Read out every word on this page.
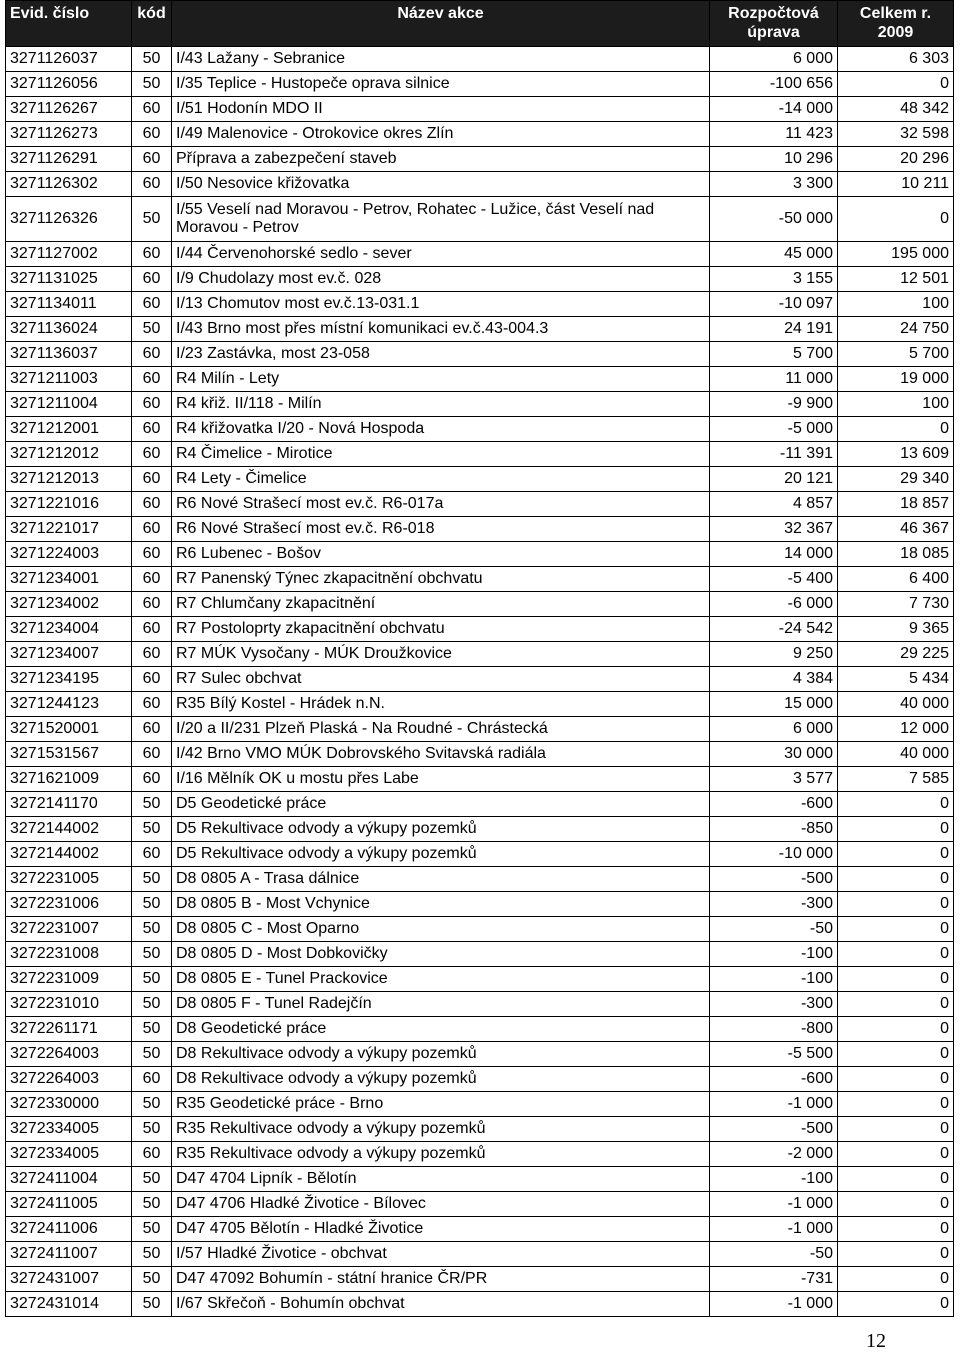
Evid. číslo	kód	Název akce	Rozpočtová úprava	Celkem r. 2009
3271126037	50	I/43 Lažany - Sebranice	6 000	6 303
3271126056	50	I/35 Teplice - Hustopeče oprava silnice	-100 656	0
3271126267	60	I/51 Hodonín MDO II	-14 000	48 342
3271126273	60	I/49 Malenovice - Otrokovice okres Zlín	11 423	32 598
3271126291	60	Příprava a zabezpečení staveb	10 296	20 296
3271126302	60	I/50 Nesovice křižovatka	3 300	10 211
3271126326	50	I/55 Veselí nad Moravou - Petrov, Rohatec - Lužice, část Veselí nad Moravou - Petrov	-50 000	0
3271127002	60	I/44 Červenohorské sedlo - sever	45 000	195 000
3271131025	60	I/9 Chudolazy most ev.č. 028	3 155	12 501
3271134011	60	I/13 Chomutov most ev.č.13-031.1	-10 097	100
3271136024	50	I/43 Brno most přes místní komunikaci ev.č.43-004.3	24 191	24 750
3271136037	60	I/23 Zastávka, most 23-058	5 700	5 700
3271211003	60	R4 Milín - Lety	11 000	19 000
3271211004	60	R4 křiž. II/118 - Milín	-9 900	100
3271212001	60	R4 křižovatka I/20 - Nová Hospoda	-5 000	0
3271212012	60	R4 Čimelice - Mirotice	-11 391	13 609
3271212013	60	R4 Lety - Čimelice	20 121	29 340
3271221016	60	R6 Nové Strašecí most ev.č. R6-017a	4 857	18 857
3271221017	60	R6 Nové Strašecí most ev.č. R6-018	32 367	46 367
3271224003	60	R6 Lubenec - Bošov	14 000	18 085
3271234001	60	R7 Panenský Týnec zkapacitnění obchvatu	-5 400	6 400
3271234002	60	R7 Chlumčany zkapacitnění	-6 000	7 730
3271234004	60	R7 Postoloprty zkapacitnění obchvatu	-24 542	9 365
3271234007	60	R7 MÚK Vysočany - MÚK Droužkovice	9 250	29 225
3271234195	60	R7 Sulec obchvat	4 384	5 434
3271244123	60	R35 Bílý Kostel - Hrádek n.N.	15 000	40 000
3271520001	60	I/20 a II/231 Plzeň Plaská - Na Roudné - Chrástecká	6 000	12 000
3271531567	60	I/42 Brno VMO MÚK Dobrovského Svitavská radiála	30 000	40 000
3271621009	60	I/16 Mělník OK u mostu přes Labe	3 577	7 585
3272141170	50	D5 Geodetické práce	-600	0
3272144002	50	D5 Rekultivace odvody a výkupy pozemků	-850	0
3272144002	60	D5 Rekultivace odvody a výkupy pozemků	-10 000	0
3272231005	50	D8 0805 A - Trasa dálnice	-500	0
3272231006	50	D8 0805 B - Most Vchynice	-300	0
3272231007	50	D8 0805 C - Most Oparno	-50	0
3272231008	50	D8 0805 D - Most Dobkovičky	-100	0
3272231009	50	D8 0805 E - Tunel Prackovice	-100	0
3272231010	50	D8 0805 F - Tunel Radejčín	-300	0
3272261171	50	D8 Geodetické práce	-800	0
3272264003	50	D8 Rekultivace odvody a výkupy pozemků	-5 500	0
3272264003	60	D8 Rekultivace odvody a výkupy pozemků	-600	0
3272330000	50	R35 Geodetické práce - Brno	-1 000	0
3272334005	50	R35 Rekultivace odvody a výkupy pozemků	-500	0
3272334005	60	R35 Rekultivace odvody a výkupy pozemků	-2 000	0
3272411004	50	D47 4704 Lipník - Bělotín	-100	0
3272411005	50	D47 4706 Hladké Životice - Bílovec	-1 000	0
3272411006	50	D47 4705 Bělotín - Hladké Životice	-1 000	0
3272411007	50	I/57 Hladké Životice - obchvat	-50	0
3272431007	50	D47 47092 Bohumín - státní hranice ČR/PR	-731	0
3272431014	50	I/67 Skřečoň - Bohumín obchvat	-1 000	0
12
